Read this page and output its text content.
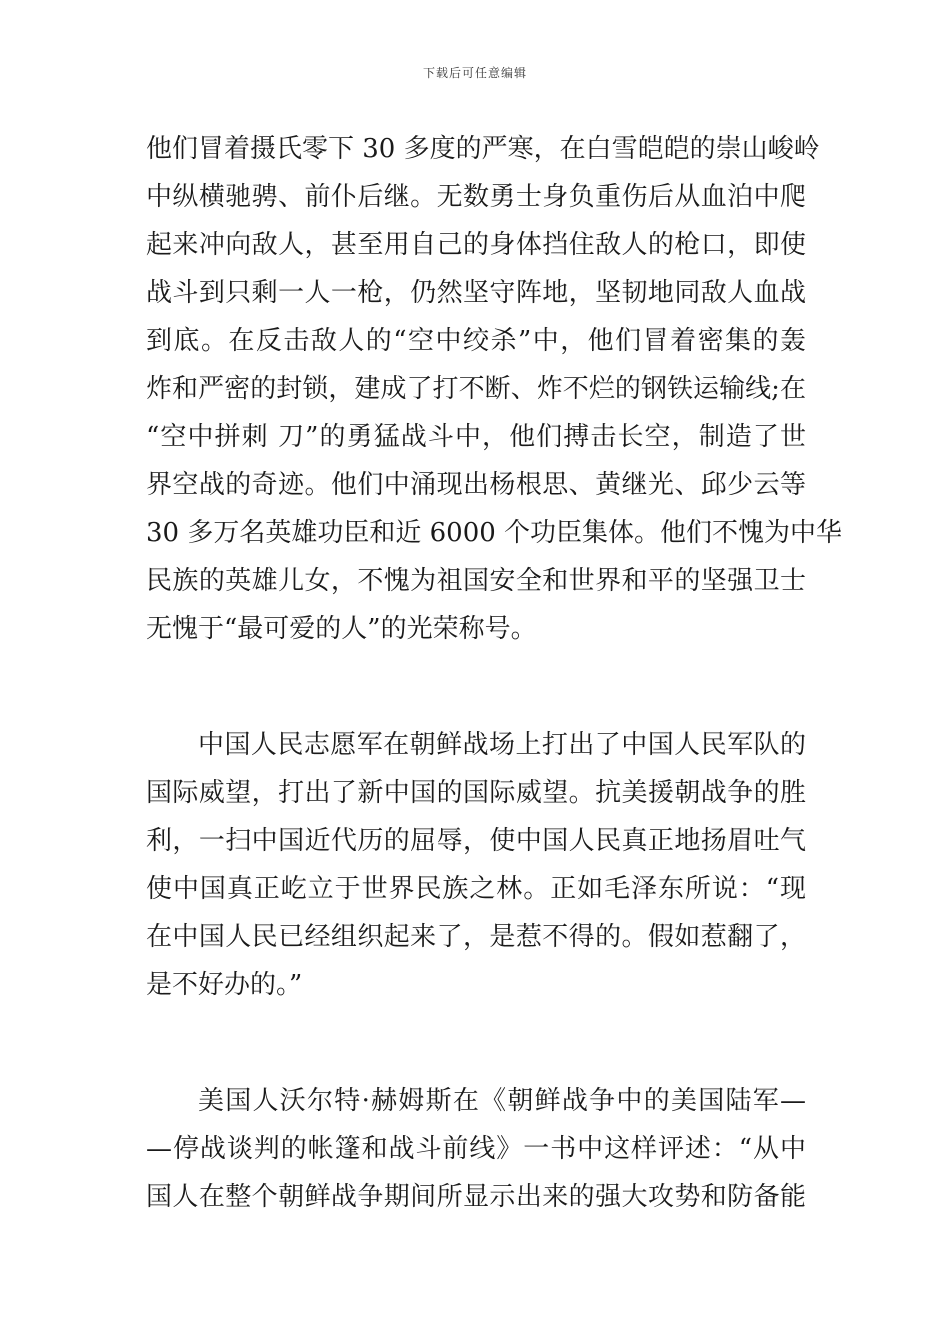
下载后可任意编辑
他们冒着摄氏零下 30 多度的严寒，在白雪皑皑的崇山峻岭
中纵横驰骋、前仆后继。无数勇士身负重伤后从血泊中爬
起来冲向敌人，甚至用自己的身体挡住敌人的枪口，即使
战斗到只剩一人一枪，仍然坚守阵地，坚韧地同敌人血战
到底。在反击敌人的“空中绞杀”中，他们冒着密集的轰
炸和严密的封锁，建成了打不断、炸不烂的钢铁运输线;在
“空中拼刺 刀”的勇猛战斗中，他们搏击长空，制造了世
界空战的奇迹。他们中涌现出杨根思、黄继光、邱少云等
30 多万名英雄功臣和近 6000 个功臣集体。他们不愧为中华
民族的英雄儿女，不愧为祖国安全和世界和平的坚强卫士
无愧于“最可爱的人”的光荣称号。
中国人民志愿军在朝鲜战场上打出了中国人民军队的
国际威望，打出了新中国的国际威望。抗美援朝战争的胜
利，一扫中国近代历的屈辱，使中国人民真正地扬眉吐气
使中国真正屹立于世界民族之林。正如毛泽东所说：“现
在中国人民已经组织起来了，是惹不得的。假如惹翻了，
是不好办的。”
美国人沃尔特·赫姆斯在《朝鲜战争中的美国陆军—
—停战谈判的帐篷和战斗前线》一书中这样评述：“从中
国人在整个朝鲜战争期间所显示出来的强大攻势和防备能
